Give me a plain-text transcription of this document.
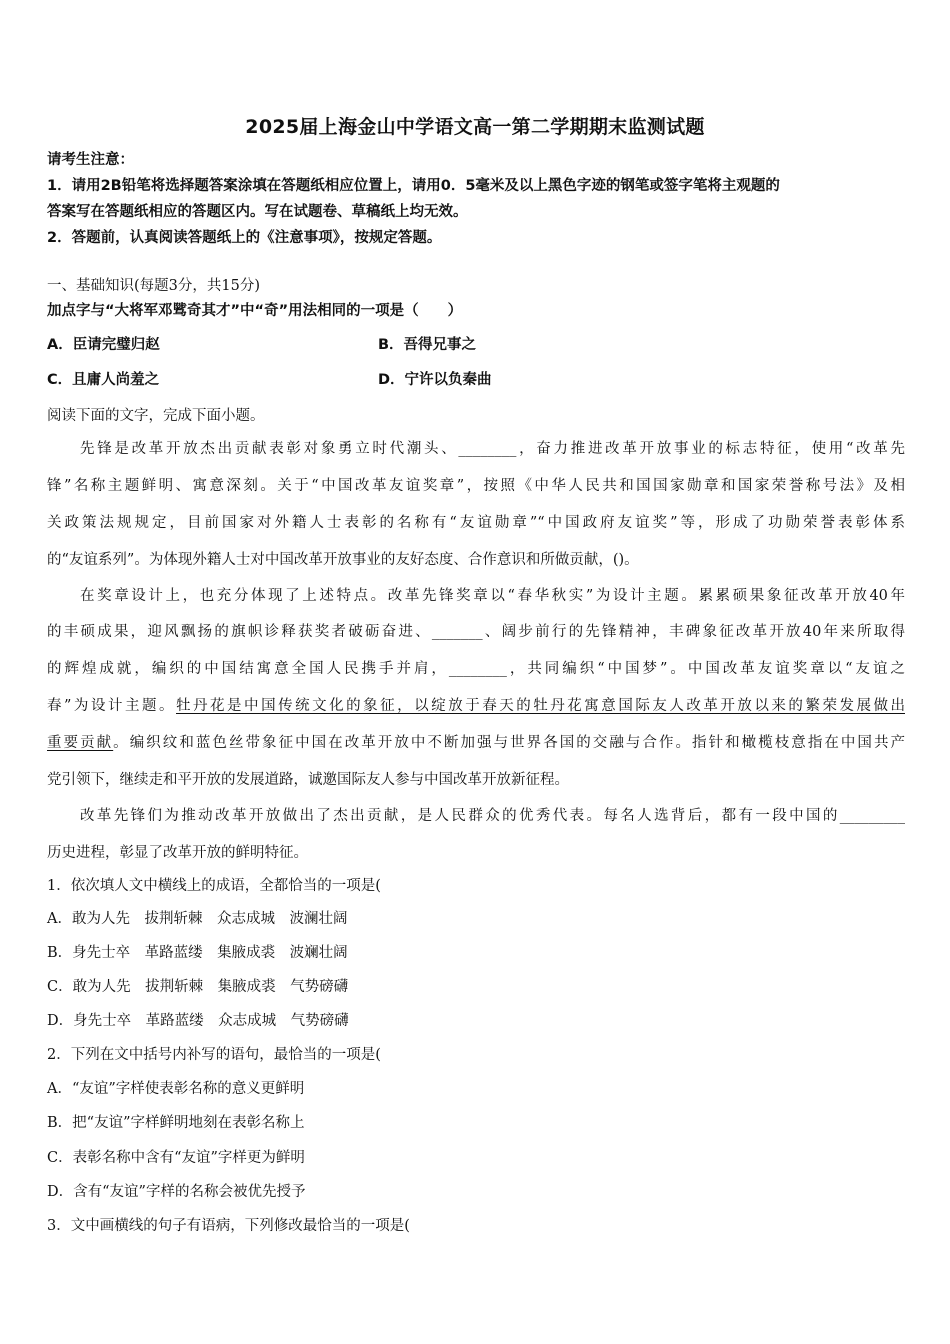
2025届上海金山中学语文高一第二学期期末监测试题
请考生注意：
1．请用2B铅笔将选择题答案涂填在答题纸相应位置上，请用0．5毫米及以上黑色字迹的钢笔或签字笔将主观题的
答案写在答题纸相应的答题区内。写在试题卷、草稿纸上均无效。
2．答题前，认真阅读答题纸上的《注意事项》，按规定答题。
一、基础知识(每题3分，共15分)
加点字与“大将军邓骘奇其才”中“奇”用法相同的一项是（　　）
A．臣请完璧归赵	B．吾得兄事之
C．且庸人尚羞之	D．宁许以负秦曲
阅读下面的文字，完成下面小题。
先锋是改革开放杰出贡献表彰对象勇立时代潮头、________，奋力推进改革开放事业的标志特征，使用“改革先
锋”名称主题鲜明、寓意深刻。关于“中国改革友谊奖章”，按照《中华人民共和国国家勋章和国家荣誉称号法》及相
关政策法规规定，目前国家对外籍人士表彰的名称有“友谊勋章”“中国政府友谊奖”等，形成了功勋荣誉表彰体系
的“友谊系列”。为体现外籍人士对中国改革开放事业的友好态度、合作意识和所做贡献，()。
在奖章设计上，也充分体现了上述特点。改革先锋奖章以“春华秋实”为设计主题。累累硕果象征改革开放40年
的丰硕成果，迎风飘扬的旗帜诊释获奖者破砺奋进、_______、阔步前行的先锋精神，丰碑象征改革开放40年来所取得
的辉煌成就，编织的中国结寓意全国人民携手并肩，________，共同编织“中国梦”。中国改革友谊奖章以“友谊之
春”为设计主题。牡丹花是中国传统文化的象征，以绽放于春天的牡丹花寓意国际友人改革开放以来的繁荣发展做出
重要贡献。编织纹和蓝色丝带象征中国在改革开放中不断加强与世界各国的交融与合作。指针和橄榄枝意指在中国共产
党引领下，继续走和平开放的发展道路，诚邀国际友人参与中国改革开放新征程。
改革先锋们为推动改革开放做出了杰出贡献，是人民群众的优秀代表。每名人选背后，都有一段中国的_________
历史进程，彰显了改革开放的鲜明特征。
1．依次填人文中横线上的成语，全都恰当的一项是(
A．敢为人先　拔荆斩棘　众志成城　波澜壮阔
B．身先士卒　革路蓝缕　集腋成裘　波斓壮阔
C．敢为人先　拔荆斩棘　集腋成裘　气势磅礴
D．身先士卒　革路蓝缕　众志成城　气势磅礴
2．下列在文中括号内补写的语句，最恰当的一项是(
A．“友谊”字样使表彰名称的意义更鲜明
B．把“友谊”字样鲜明地刻在表彰名称上
C．表彰名称中含有“友谊”字样更为鲜明
D．含有“友谊”字样的名称会被优先授予
3．文中画横线的句子有语病，下列修改最恰当的一项是(
